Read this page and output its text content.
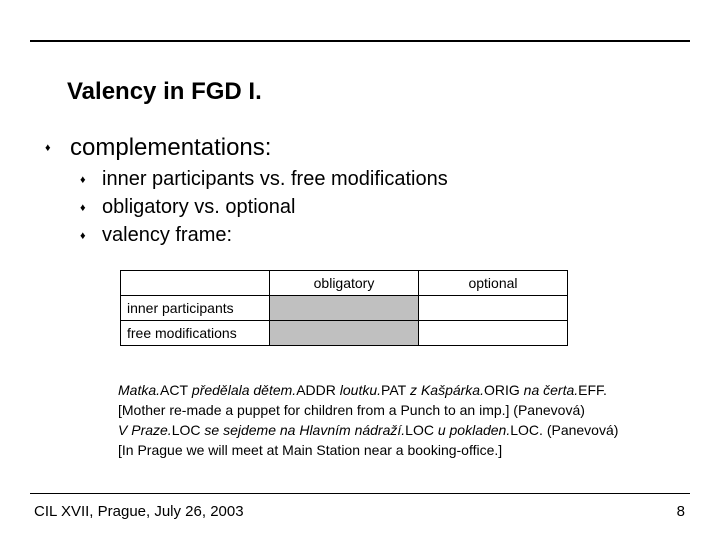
Valency in FGD I.
♦ complementations:
♦ inner participants vs. free modifications
♦ obligatory vs. optional
♦ valency frame:
	obligatory	optional
inner participants		
free modifications		
Matka.ACT předělala dětem.ADDR loutku.PAT z Kašpárka.ORIG na čerta.EFF.
[Mother re-made a puppet for children from a Punch to an imp.] (Panevová)
V Praze.LOC se sejdeme na Hlavním nádraží.LOC u pokladen.LOC. (Panevová)
[In Prague we will meet at Main Station near a booking-office.]
CIL XVII, Prague, July 26, 2003	8
